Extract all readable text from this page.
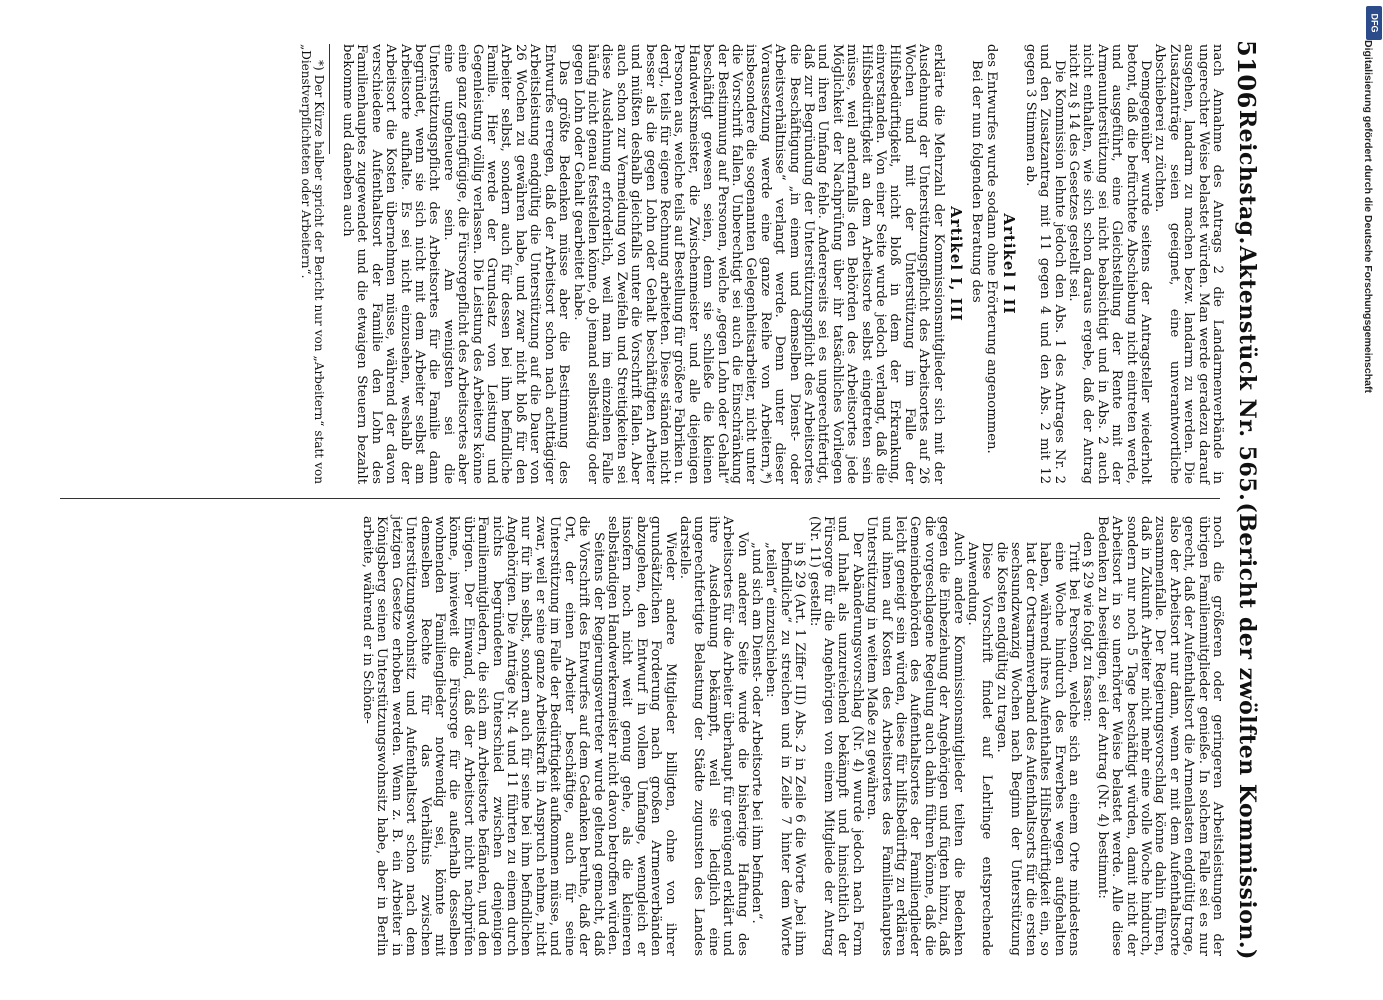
5106
Reichstag.
Aktenstück Nr. 565.
(Bericht der zwölften Kommission.)

nach Annahme des Antrags 2 die Landarmenverbände in ungerechter Weise belastet würden. Man werde geradezu darauf ausgehen, landarm zu machen bezw. landarm zu werden. Die Zusatzanträge seien geeignet, eine unverantwortliche Abschieberei zu züchten.

Demgegenüber wurde seitens der Antragsteller wiederholt betont, daß die befürchtete Abschiebung nicht eintreten werde, und ausgeführt, eine Gleichstellung der Rente mit der Armenunterstützung sei nicht beabsichtigt und in Abs. 2 auch nicht enthalten, wie sich schon daraus ergebe, daß der Antrag nicht zu § 14 des Gesetzes gestellt sei.

Die Kommission lehnte jedoch den Abs. 1 des Antrages Nr. 2 und den Zusatzantrag mit 11 gegen 4 und den Abs. 2 mit 12 gegen 3 Stimmen ab.

Artikel I II

des Entwurfes wurde sodann ohne Erörterung angenommen.

Bei der nun folgenden Beratung des

Artikel I, III

erklärte die Mehrzahl der Kommissionsmitglieder sich mit der Ausdehnung der Unterstützungspflicht des Arbeitsortes auf 26 Wochen und mit der Unterstützung im Falle der Hilfsbedürftigkeit, nicht bloß in dem der Erkrankung, einverstanden. Von einer Seite wurde jedoch verlangt, daß die Hilfsbedürftigkeit an dem Arbeitsorte selbst eingetreten sein müsse, weil andernfalls den Behörden des Arbeitsortes jede Möglichkeit der Nachprüfung über ihr tatsächliches Vorliegen und ihren Umfang fehle. Andererseits sei es ungerechtfertigt, daß zur Begründung der Unterstützungspflicht des Arbeitsortes die Beschäftigung „in einem und demselben Dienst- oder Arbeitsverhältnisse“ verlangt werde. Denn unter dieser Voraussetzung werde eine ganze Reihe von Arbeitern,*) insbesondere die sogenannten Gelegenheitsarbeiter, nicht unter die Vorschrift fallen. Unberechtigt sei auch die Einschränkung der Bestimmung auf Personen, welche „gegen Lohn oder Gehalt“ beschäftigt gewesen seien, denn sie schließe die kleinen Handwerksmeister, die Zwischenmeister und alle diejenigen Personen aus, welche teils auf Bestellung für größere Fabriken u. dergl., teils für eigene Rechnung arbeiteten. Diese ständen nicht besser als die gegen Lohn oder Gehalt beschäftigten Arbeiter und müßten deshalb gleichfalls unter die Vorschrift fallen. Aber auch schon zur Vermeidung von Zweifeln und Streitigkeiten sei diese Ausdehnung erforderlich, weil man im einzelnen Falle häufig nicht genau feststellen könne, ob jemand selbständig oder gegen Lohn oder Gehalt gearbeitet habe.

Das größte Bedenken müsse aber die Bestimmung des Entwurfes erregen, daß der Arbeitsort schon nach achttägiger Arbeitsleistung endgültig die Unterstützung auf die Dauer von 26 Wochen zu gewähren habe, und zwar nicht bloß für den Arbeiter selbst, sondern auch für dessen bei ihm befindliche Familie. Hier werde der Grundsatz von Leistung und Gegenleistung völlig verlassen. Die Leistung des Arbeiters könne eine ganz geringfügige, die Fürsorgepflicht des Arbeitsortes aber eine ungeheuere sein. Am wenigsten sei die Unterstützungspflicht des Arbeitsortes für die Familie dann begründet, wenn sie sich nicht mit dem Arbeiter selbst am Arbeitsorte aufhalte. Es sei nicht einzusehen, weshalb der Arbeitsort die Kosten übernehmen müsse, während der davon verschiedene Aufenthaltsort der Familie den Lohn des Familienhauptes zugewendet und die etwaigen Steuern bezahlt bekomme und daneben auch

*) Der Kürze halber spricht der Bericht nur von „Arbeitern“ statt von „Dienstverpflichteten oder Arbeitern“.

noch die größeren oder geringeren Arbeitsleistungen der übrigen Familienmitglieder genieße. In solchem Falle sei es nur gerecht, daß der Aufenthaltsort die Armenlasten endgültig trage, also der Arbeitsort nur dann, wenn er mit dem Aufenthaltsorte zusammenfalle. Der Regierungsvorschlag könne dahin führen, daß in Zukunft Arbeiter nicht mehr eine volle Woche hindurch, sondern nur noch 5 Tage beschäftigt würden, damit nicht der Arbeitsort in so unerhörter Weise belastet werde. Alle diese Bedenken zu beseitigen, sei der Antrag (Nr. 4) bestimmt:

den § 29 wie folgt zu fassen:

Tritt bei Personen, welche sich an einem Orte mindestens eine Woche hindurch des Erwerbes wegen aufgehalten haben, während ihres Aufenthaltes Hilfsbedürftigkeit ein, so hat der Ortsarmenverband des Aufenthaltsorts für die ersten sechsundzwanzig Wochen nach Beginn der Unterstützung die Kosten endgültig zu tragen.

Diese Vorschrift findet auf Lehrlinge entsprechende Anwendung.

Auch andere Kommissionsmitglieder teilten die Bedenken gegen die Einbeziehung der Angehörigen und fügten hinzu, daß die vorgeschlagene Regelung auch dahin führen könne, daß die Gemeindebehörden des Aufenthaltsortes der Familienglieder leicht geneigt sein würden, diese für hilfsbedürftig zu erklären und ihnen auf Kosten des Arbeitsortes des Familienhauptes Unterstützung in weitem Maße zu gewähren.

Der Abänderungsvorschlag (Nr. 4) wurde jedoch nach Form und Inhalt als unzureichend bekämpft und hinsichtlich der Fürsorge für die Angehörigen von einem Mitgliede der Antrag (Nr. 11) gestellt:

in § 29 (Art. 1 Ziffer III) Abs. 2 in Zeile 6 die Worte „bei ihm befindliche“ zu streichen und in Zeile 7 hinter dem Worte „teilen“ einzuschieben:

„und sich am Dienst- oder Arbeitsorte bei ihm befinden“.

Von anderer Seite wurde die bisherige Haftung des Arbeitsortes für die Arbeiter überhaupt für genügend erklärt und ihre Ausdehnung bekämpft, weil sie lediglich eine ungerechtfertigte Belastung der Städte zugunsten des Landes darstelle.

Wieder andere Mitglieder billigten, ohne von ihrer grundsätzlichen Forderung nach großen Armenverbänden abzugehen, den Entwurf in vollem Umfange, wenngleich er insofern noch nicht weit genug gehe, als die kleineren selbständigen Handwerkermeister nicht davon betroffen würden.

Seitens der Regierungsvertreter wurde geltend gemacht, daß die Vorschrift des Entwurfes auf dem Gedanken beruhe, daß der Ort, der einen Arbeiter beschäftige, auch für seine Unterstützung im Falle der Bedürftigkeit aufkommen müsse, und zwar, weil er seine ganze Arbeitskraft in Anspruch nehme, nicht nur für ihn selbst, sondern auch für seine bei ihm befindlichen Angehörigen. Die Anträge Nr. 4 und 11 führten zu einem durch nichts begründeten Unterschied zwischen denjenigen Familienmitgliedern, die sich am Arbeitsorte befänden, und den übrigen. Der Einwand, daß der Arbeitsort nicht nachprüfen könne, inwieweit die Fürsorge für die außerhalb desselben wohnenden Familienglieder notwendig sei, könnte mit demselben Rechte für das Verhältnis zwischen Unterstützungswohnsitz und Aufenthaltsort schon nach dem jetzigen Gesetze erhoben werden. Wenn z. B. ein Arbeiter in Königsberg seinen Unterstützungswohnsitz habe, aber in Berlin arbeite, während er in Schöne-

Digitalisierung gefördert durch die Deutsche Forschungsgemeinschaft
DFG
